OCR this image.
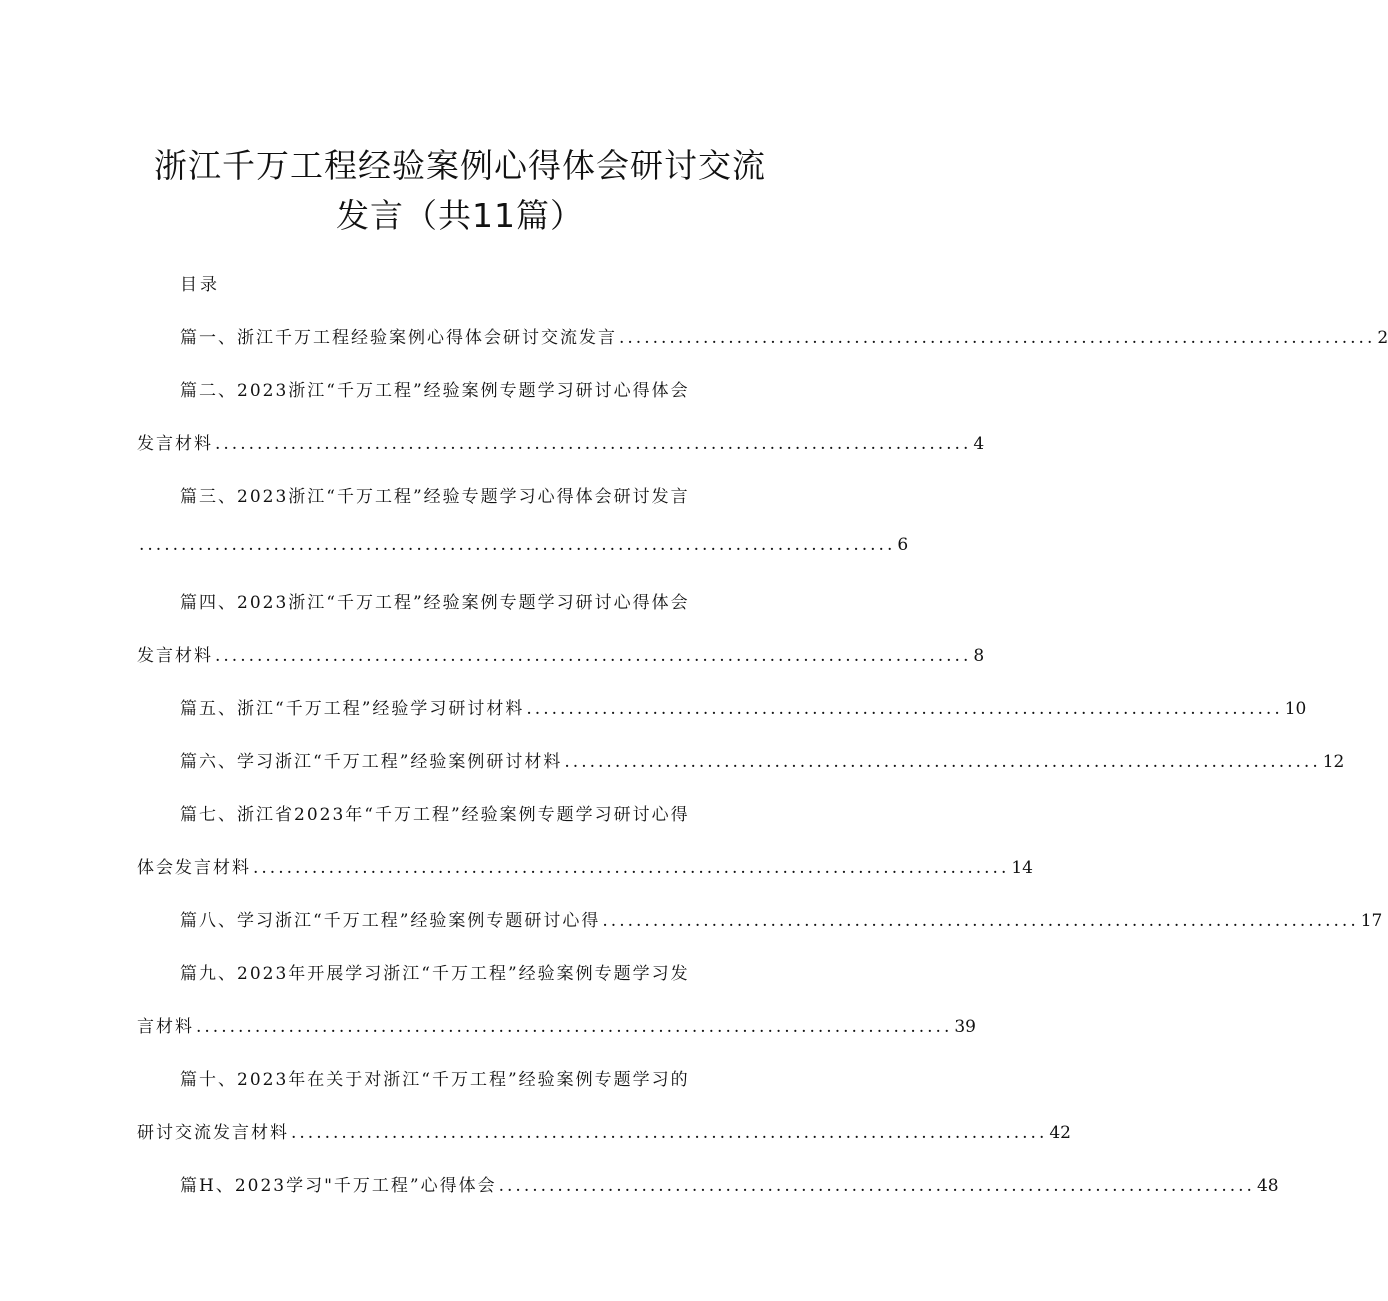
浙江千万工程经验案例心得体会研讨交流
发言（共11篇）
目录
篇一、浙江千万工程经验案例心得体会研讨交流发言 .......................................................................................... 2
篇二、2023浙江“千万工程”经验案例专题学习研讨心得体会
发言材料 .......................................................................................... 4
篇三、2023浙江“千万工程”经验专题学习心得体会研讨发言
.......................................................................................... 6
篇四、2023浙江“千万工程”经验案例专题学习研讨心得体会
发言材料 .......................................................................................... 8
篇五、浙江“千万工程”经验学习研讨材料 .......................................................................................... 10
篇六、学习浙江“千万工程”经验案例研讨材料 .......................................................................................... 12
篇七、浙江省2023年“千万工程”经验案例专题学习研讨心得
体会发言材料 .......................................................................................... 14
篇八、学习浙江“千万工程”经验案例专题研讨心得 .......................................................................................... 17
篇九、2023年开展学习浙江“千万工程”经验案例专题学习发
言材料 .......................................................................................... 39
篇十、2023年在关于对浙江“千万工程”经验案例专题学习的
研讨交流发言材料 .......................................................................................... 42
篇H、2023学习"千万工程”心得体会 .......................................................................................... 48
